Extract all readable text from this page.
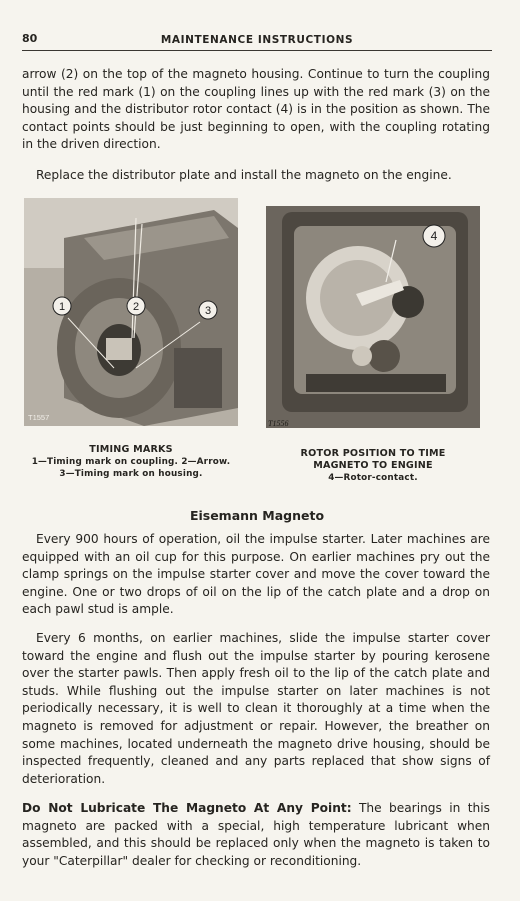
80	MAINTENANCE INSTRUCTIONS

arrow (2) on the top of the magneto housing. Continue to turn the coupling until the red mark (1) on the coupling lines up with the red mark (3) on the housing and the distributor rotor contact (4) is in the position as shown. The contact points should be just beginning to open, with the coupling rotating in the driven direction.

Replace the distributor plate and install the magneto on the engine.

1	2	3
T1557
4
T1556
TIMING MARKS
1—Timing mark on coupling. 2—Arrow.
3—Timing mark on housing.
ROTOR POSITION TO TIME
MAGNETO TO ENGINE
4—Rotor-contact.
Eisemann Magneto

Every 900 hours of operation, oil the impulse starter. Later machines are equipped with an oil cup for this purpose. On earlier machines pry out the clamp springs on the impulse starter cover and move the cover toward the engine. One or two drops of oil on the lip of the catch plate and a drop on each pawl stud is ample.

Every 6 months, on earlier machines, slide the impulse starter cover toward the engine and flush out the impulse starter by pouring kerosene over the starter pawls. Then apply fresh oil to the lip of the catch plate and studs. While flushing out the impulse starter on later machines is not periodically necessary, it is well to clean it thoroughly at a time when the magneto is removed for adjustment or repair. However, the breather on some machines, located underneath the magneto drive housing, should be inspected frequently, cleaned and any parts replaced that show signs of deterioration.

Do Not Lubricate The Magneto At Any Point: The bearings in this magneto are packed with a special, high temperature lubricant when assembled, and this should be replaced only when the magneto is taken to your "Caterpillar" dealer for checking or reconditioning.
